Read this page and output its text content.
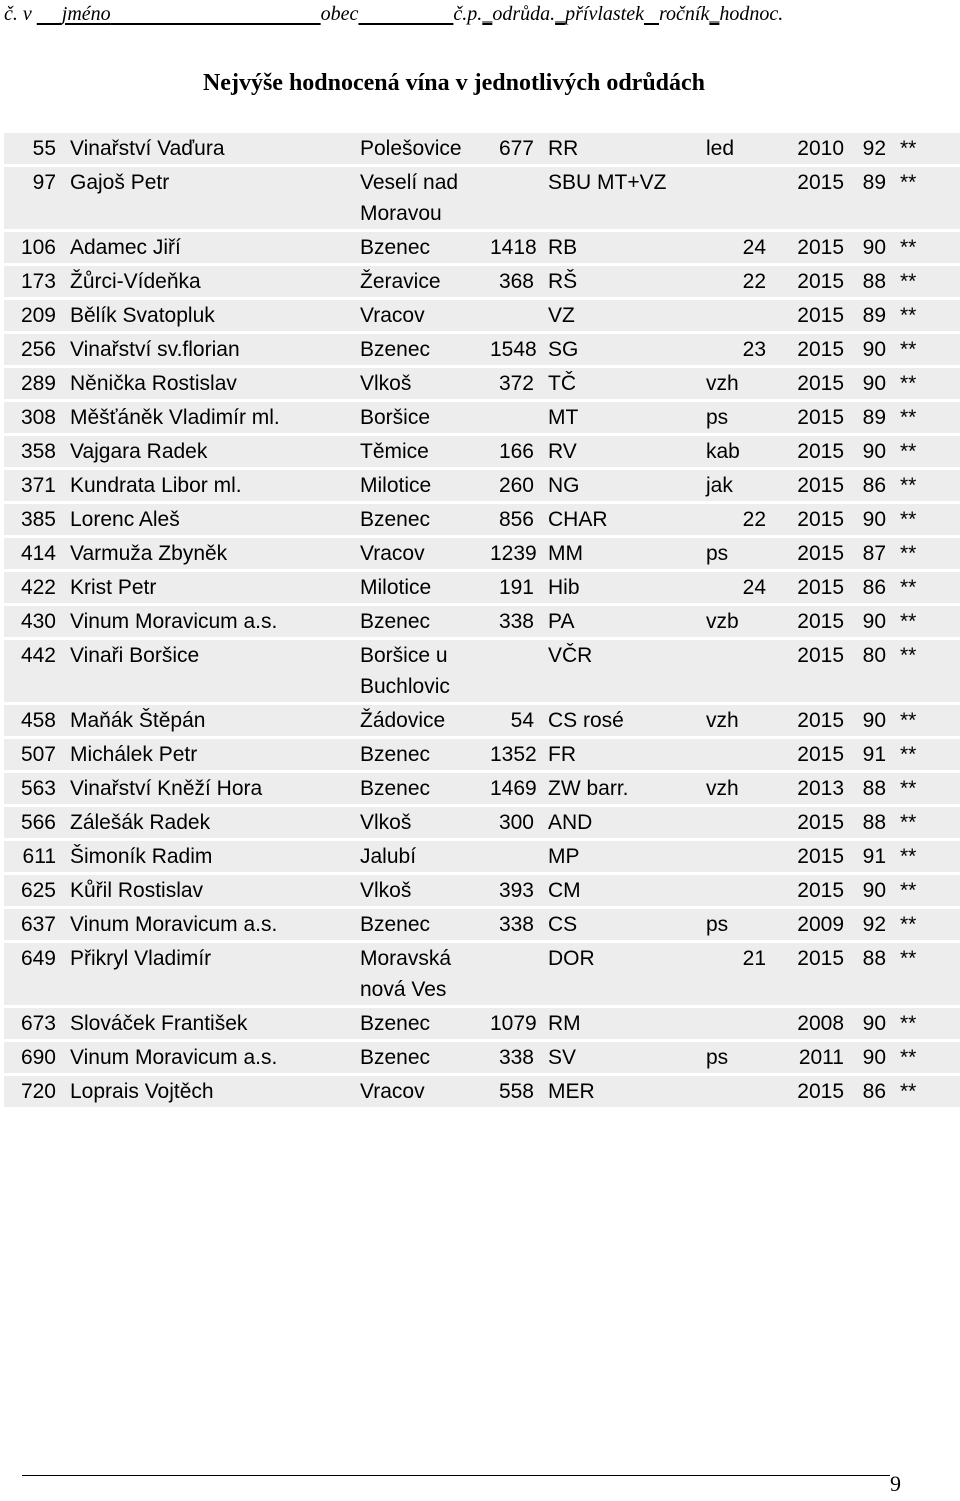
č. v jméno	obec	č.p._odrůda._přívlastek ročník_hodnoc.
Nejvýše hodnocená vína v jednotlivých odrůdách
55	Vinařství Vaďura	Polešovice	677	RR	led	2010	92	**
97	Gajoš Petr	Veselí nad Moravou		SBU MT+VZ		2015	89	**
106	Adamec Jiří	Bzenec	1418	RB	24	2015	90	**
173	Žůrci-Vídeňka	Žeravice	368	RŠ	22	2015	88	**
209	Bělík Svatopluk	Vracov		VZ		2015	89	**
256	Vinařství sv.florian	Bzenec	1548	SG	23	2015	90	**
289	Něnička Rostislav	Vlkoš	372	TČ	vzh	2015	90	**
308	Měšťáněk Vladimír ml.	Boršice		MT	ps	2015	89	**
358	Vajgara Radek	Těmice	166	RV	kab	2015	90	**
371	Kundrata Libor ml.	Milotice	260	NG	jak	2015	86	**
385	Lorenc Aleš	Bzenec	856	CHAR	22	2015	90	**
414	Varmuža Zbyněk	Vracov	1239	MM	ps	2015	87	**
422	Krist Petr	Milotice	191	Hib	24	2015	86	**
430	Vinum Moravicum a.s.	Bzenec	338	PA	vzb	2015	90	**
442	Vinaři Boršice	Boršice u Buchlovic		VČR		2015	80	**
458	Maňák Štěpán	Žádovice	54	CS rosé	vzh	2015	90	**
507	Michálek Petr	Bzenec	1352	FR		2015	91	**
563	Vinařství Kněží Hora	Bzenec	1469	ZW barr.	vzh	2013	88	**
566	Zálešák Radek	Vlkoš	300	AND		2015	88	**
611	Šimoník Radim	Jalubí		MP		2015	91	**
625	Kůřil Rostislav	Vlkoš	393	CM		2015	90	**
637	Vinum Moravicum a.s.	Bzenec	338	CS	ps	2009	92	**
649	Přikryl Vladimír	Moravská nová Ves		DOR	21	2015	88	**
673	Slováček František	Bzenec	1079	RM		2008	90	**
690	Vinum Moravicum a.s.	Bzenec	338	SV	ps	2011	90	**
720	Loprais Vojtěch	Vracov	558	MER		2015	86	**
9
